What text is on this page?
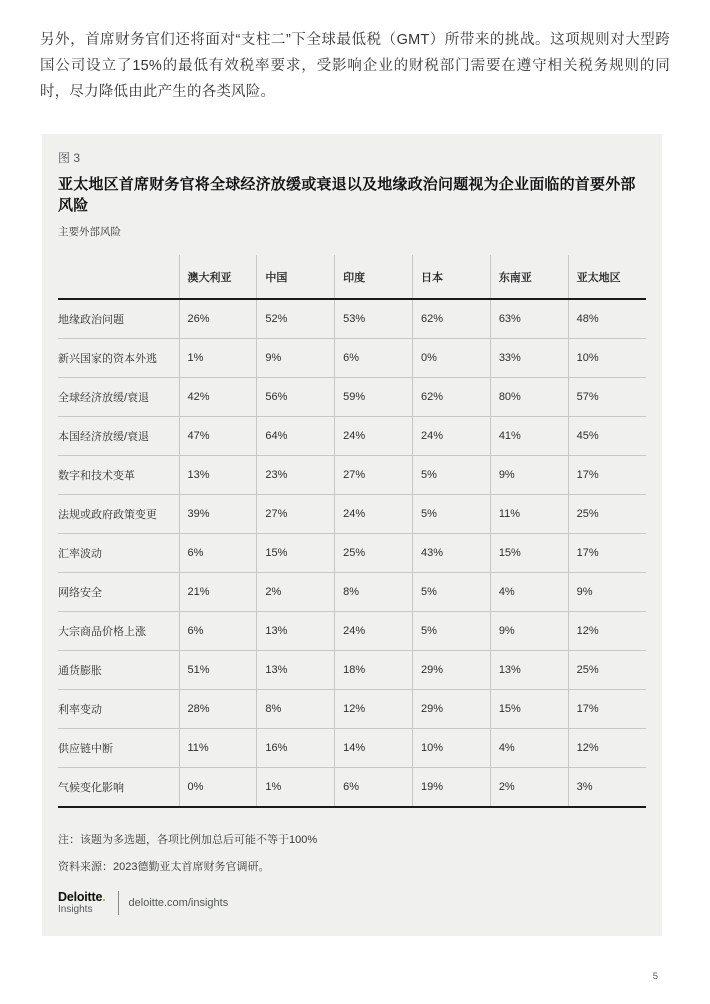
另外，首席财务官们还将面对“支柱二”下全球最低税（GMT）所带来的挑战。这项规则对大型跨国公司设立了15%的最低有效税率要求，受影响企业的财税部门需要在遵守相关税务规则的同时，尽力降低由此产生的各类风险。

图 3
亚太地区首席财务官将全球经济放缓或衰退以及地缘政治问题视为企业面临的首要外部风险
主要外部风险
	澳大利亚	中国	印度	日本	东南亚	亚太地区
地缘政治问题	26%	52%	53%	62%	63%	48%
新兴国家的资本外逃	1%	9%	6%	0%	33%	10%
全球经济放缓/衰退	42%	56%	59%	62%	80%	57%
本国经济放缓/衰退	47%	64%	24%	24%	41%	45%
数字和技术变革	13%	23%	27%	5%	9%	17%
法规或政府政策变更	39%	27%	24%	5%	11%	25%
汇率波动	6%	15%	25%	43%	15%	17%
网络安全	21%	2%	8%	5%	4%	9%
大宗商品价格上涨	6%	13%	24%	5%	9%	12%
通货膨胀	51%	13%	18%	29%	13%	25%
利率变动	28%	8%	12%	29%	15%	17%
供应链中断	11%	16%	14%	10%	4%	12%
气候变化影响	0%	1%	6%	19%	2%	3%
注：该题为多选题，各项比例加总后可能不等于100%
资料来源：2023德勤亚太首席财务官调研。
Deloitte.
Insights
deloitte.com/insights
5
